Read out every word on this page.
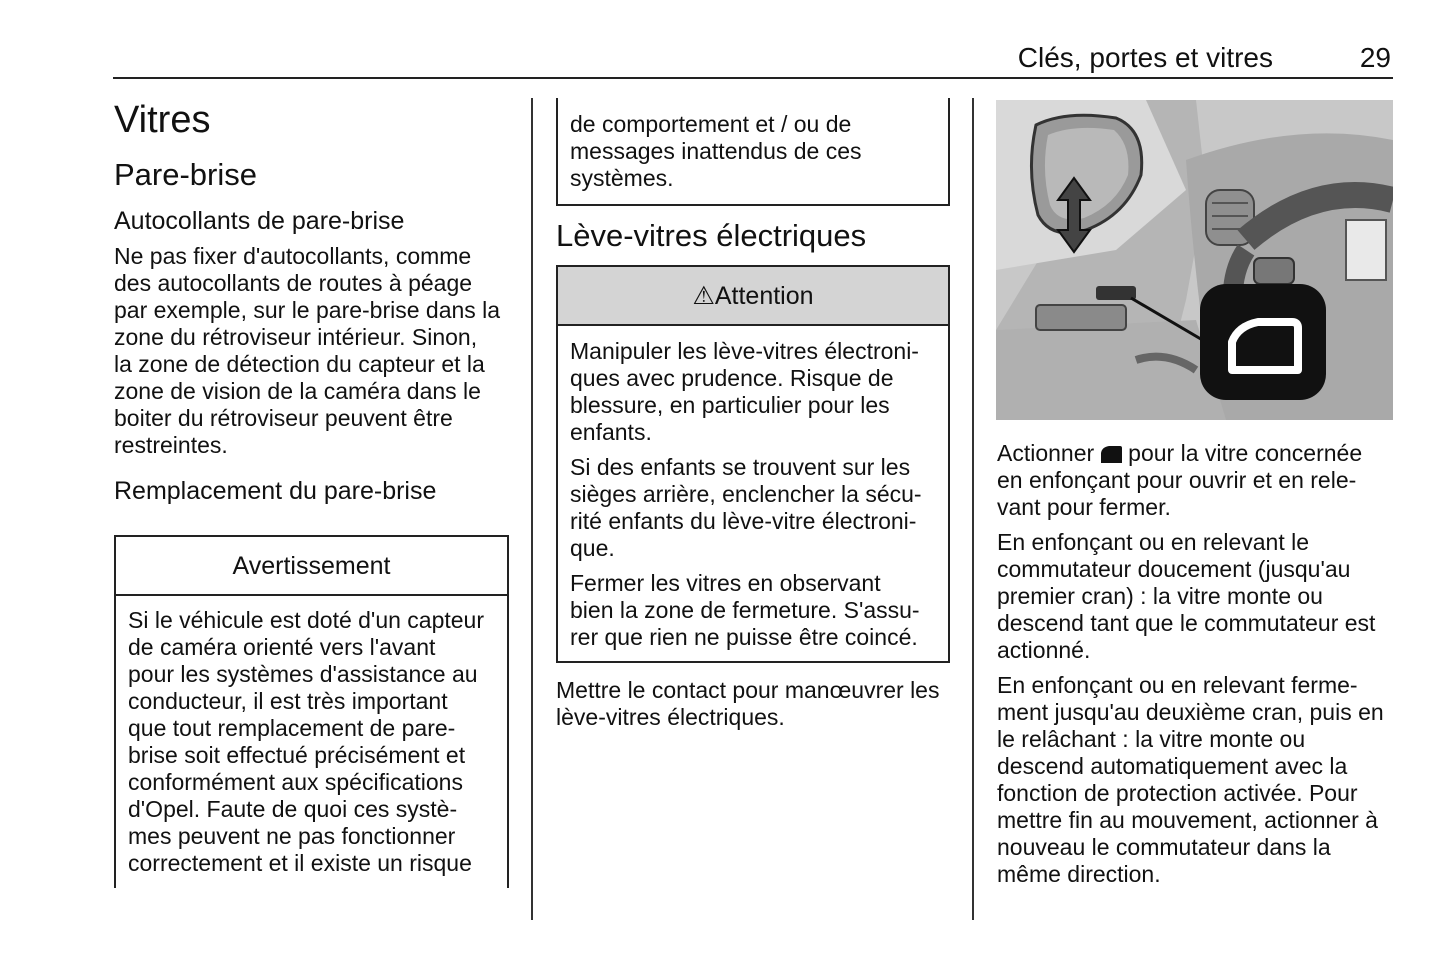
Clés, portes et vitres	29

Vitres

Pare-brise

Autocollants de pare-brise

Ne pas fixer d'autocollants, comme
des autocollants de routes à péage
par exemple, sur le pare-brise dans la
zone du rétroviseur intérieur. Sinon,
la zone de détection du capteur et la
zone de vision de la caméra dans le
boiter du rétroviseur peuvent être
restreintes.

Remplacement du pare-brise

Avertissement
Si le véhicule est doté d'un capteur
de caméra orienté vers l'avant
pour les systèmes d'assistance au
conducteur, il est très important
que tout remplacement de pare-
brise soit effectué précisément et
conformément aux spécifications
d'Opel. Faute de quoi ces systè-
mes peuvent ne pas fonctionner
correctement et il existe un risque
de comportement et / ou de
messages inattendus de ces
systèmes.

Lève-vitres électriques

⚠Attention

Manipuler les lève-vitres électroni-
ques avec prudence. Risque de
blessure, en particulier pour les
enfants.

Si des enfants se trouvent sur les
sièges arrière, enclencher la sécu-
rité enfants du lève-vitre électroni-
que.

Fermer les vitres en observant
bien la zone de fermeture. S'assu-
rer que rien ne puisse être coincé.

Mettre le contact pour manœuvrer les
lève-vitres électriques.

Actionner pour la vitre concernée
en enfonçant pour ouvrir et en rele-
vant pour fermer.

En enfonçant ou en relevant le
commutateur doucement (jusqu'au
premier cran) : la vitre monte ou
descend tant que le commutateur est
actionné.

En enfonçant ou en relevant ferme-
ment jusqu'au deuxième cran, puis en
le relâchant : la vitre monte ou
descend automatiquement avec la
fonction de protection activée. Pour
mettre fin au mouvement, actionner à
nouveau le commutateur dans la
même direction.
